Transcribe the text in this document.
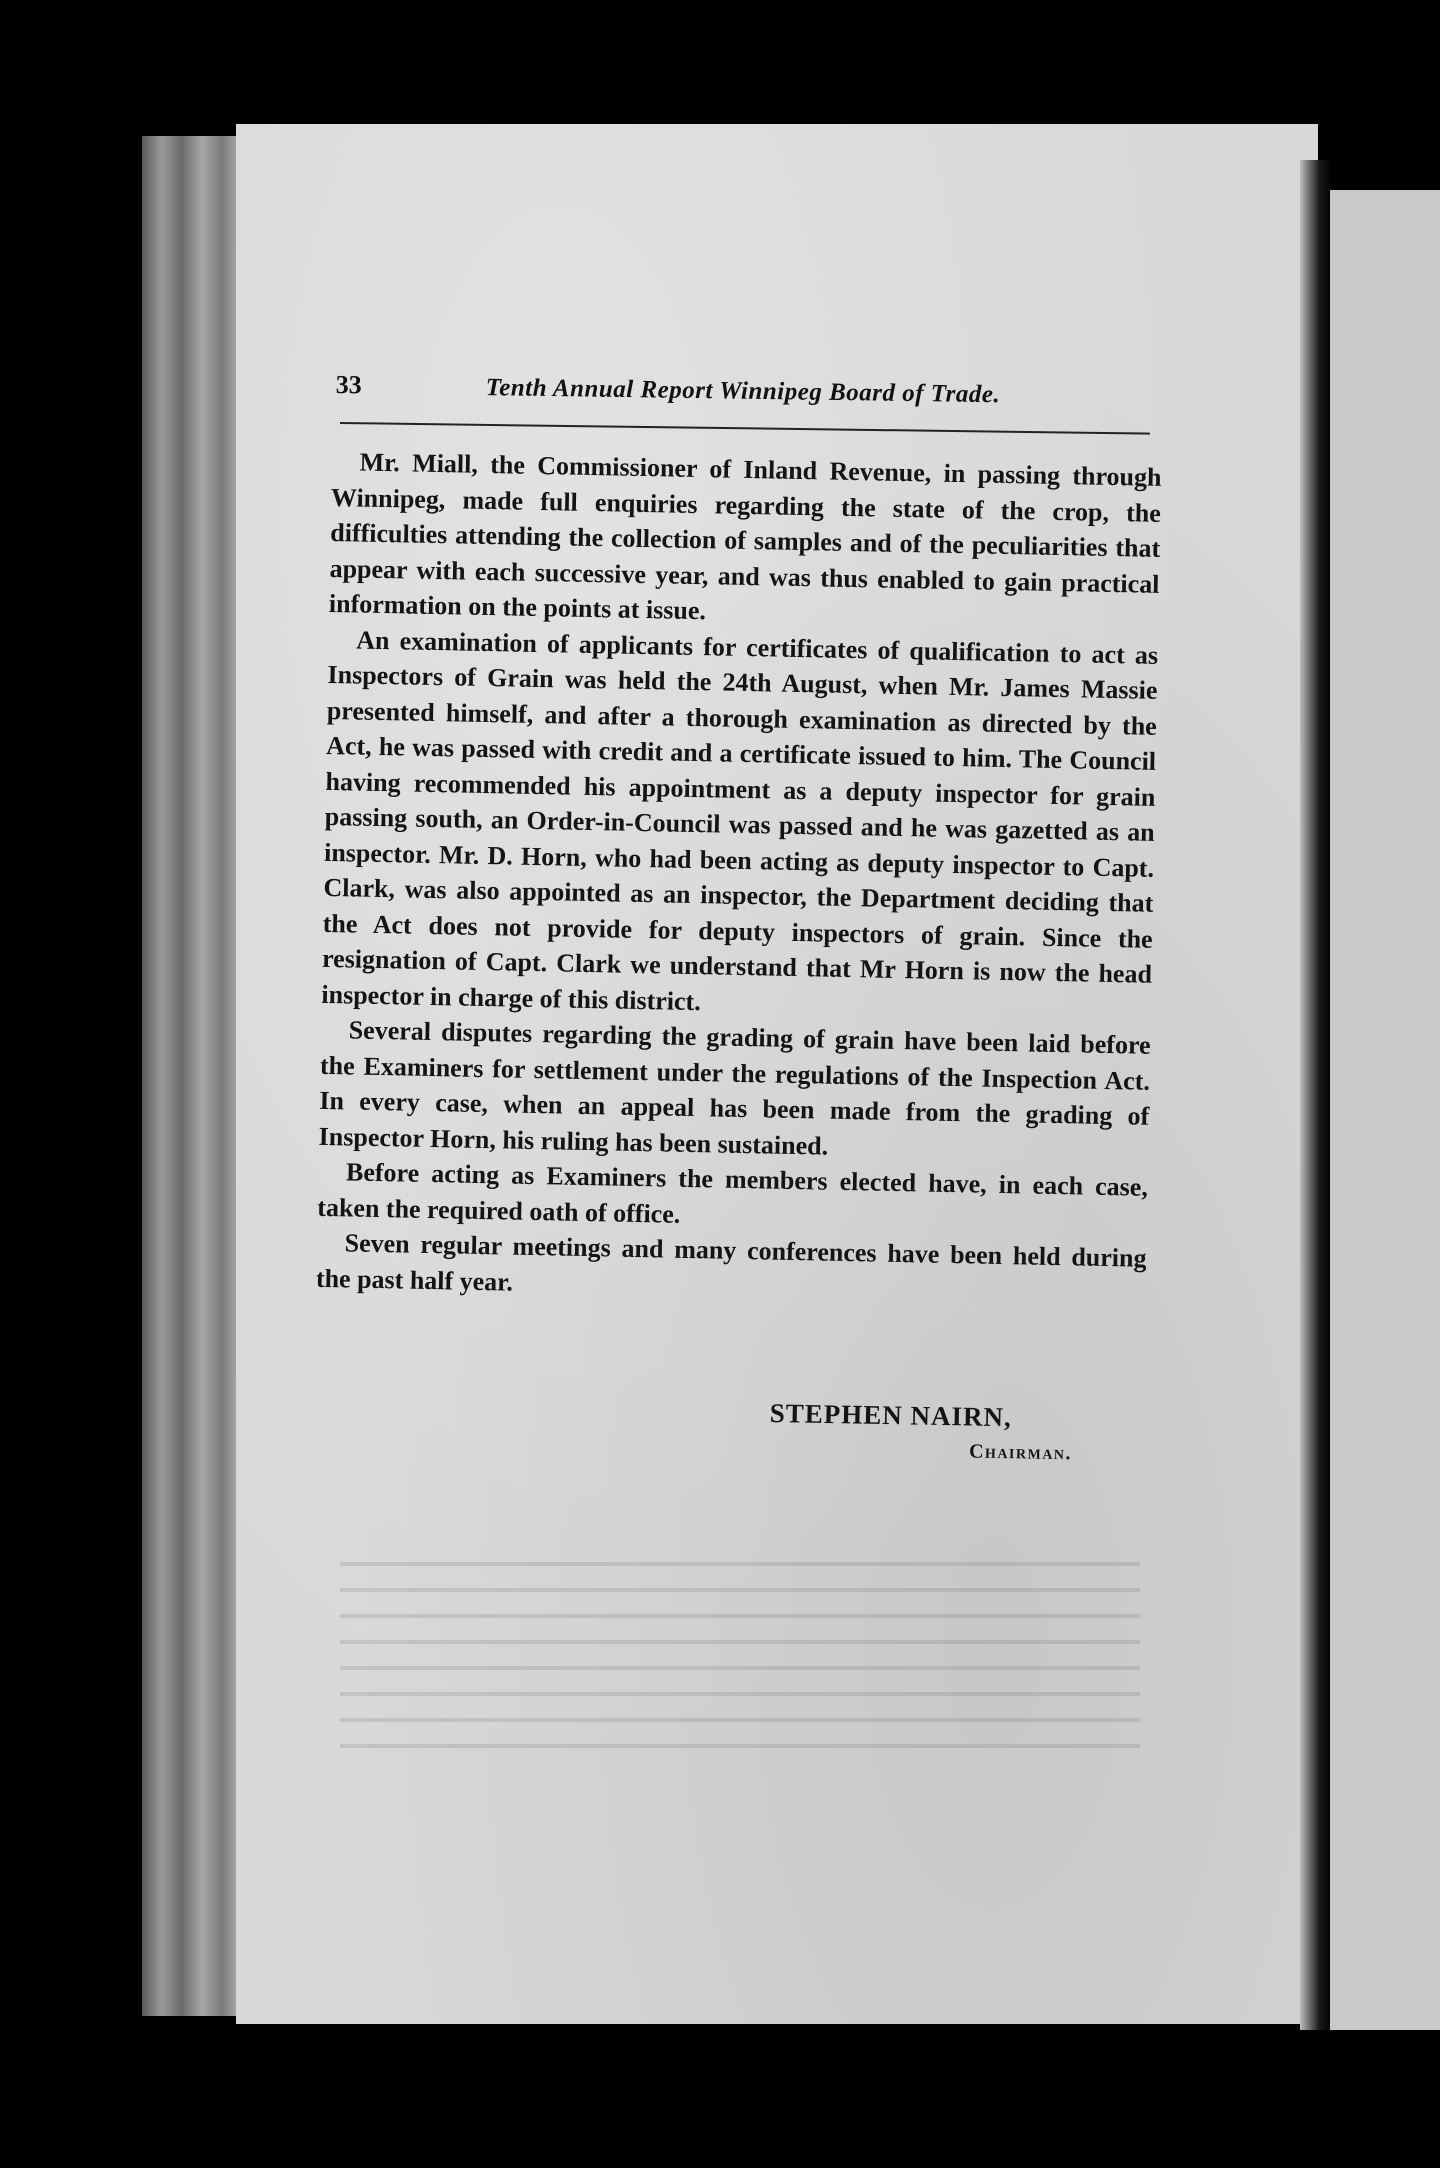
33	Tenth Annual Report Winnipeg Board of Trade.

Mr. Miall, the Commissioner of Inland Revenue, in passing through Winnipeg, made full enquiries regarding the state of the crop, the difficulties attending the collection of samples and of the peculiarities that appear with each successive year, and was thus enabled to gain practical information on the points at issue.

An examination of applicants for certificates of qualification to act as Inspectors of Grain was held the 24th August, when Mr. James Massie presented himself, and after a thorough examination as directed by the Act, he was passed with credit and a certificate issued to him. The Council having recommended his appointment as a deputy inspector for grain passing south, an Order-in-Council was passed and he was gazetted as an inspector. Mr. D. Horn, who had been acting as deputy inspector to Capt. Clark, was also appointed as an inspector, the Department deciding that the Act does not provide for deputy inspectors of grain. Since the resignation of Capt. Clark we understand that Mr Horn is now the head inspector in charge of this district.

Several disputes regarding the grading of grain have been laid before the Examiners for settlement under the regulations of the Inspection Act. In every case, when an appeal has been made from the grading of Inspector Horn, his ruling has been sustained.

Before acting as Examiners the members elected have, in each case, taken the required oath of office.

Seven regular meetings and many conferences have been held during the past half year.

STEPHEN NAIRN,
Chairman.
